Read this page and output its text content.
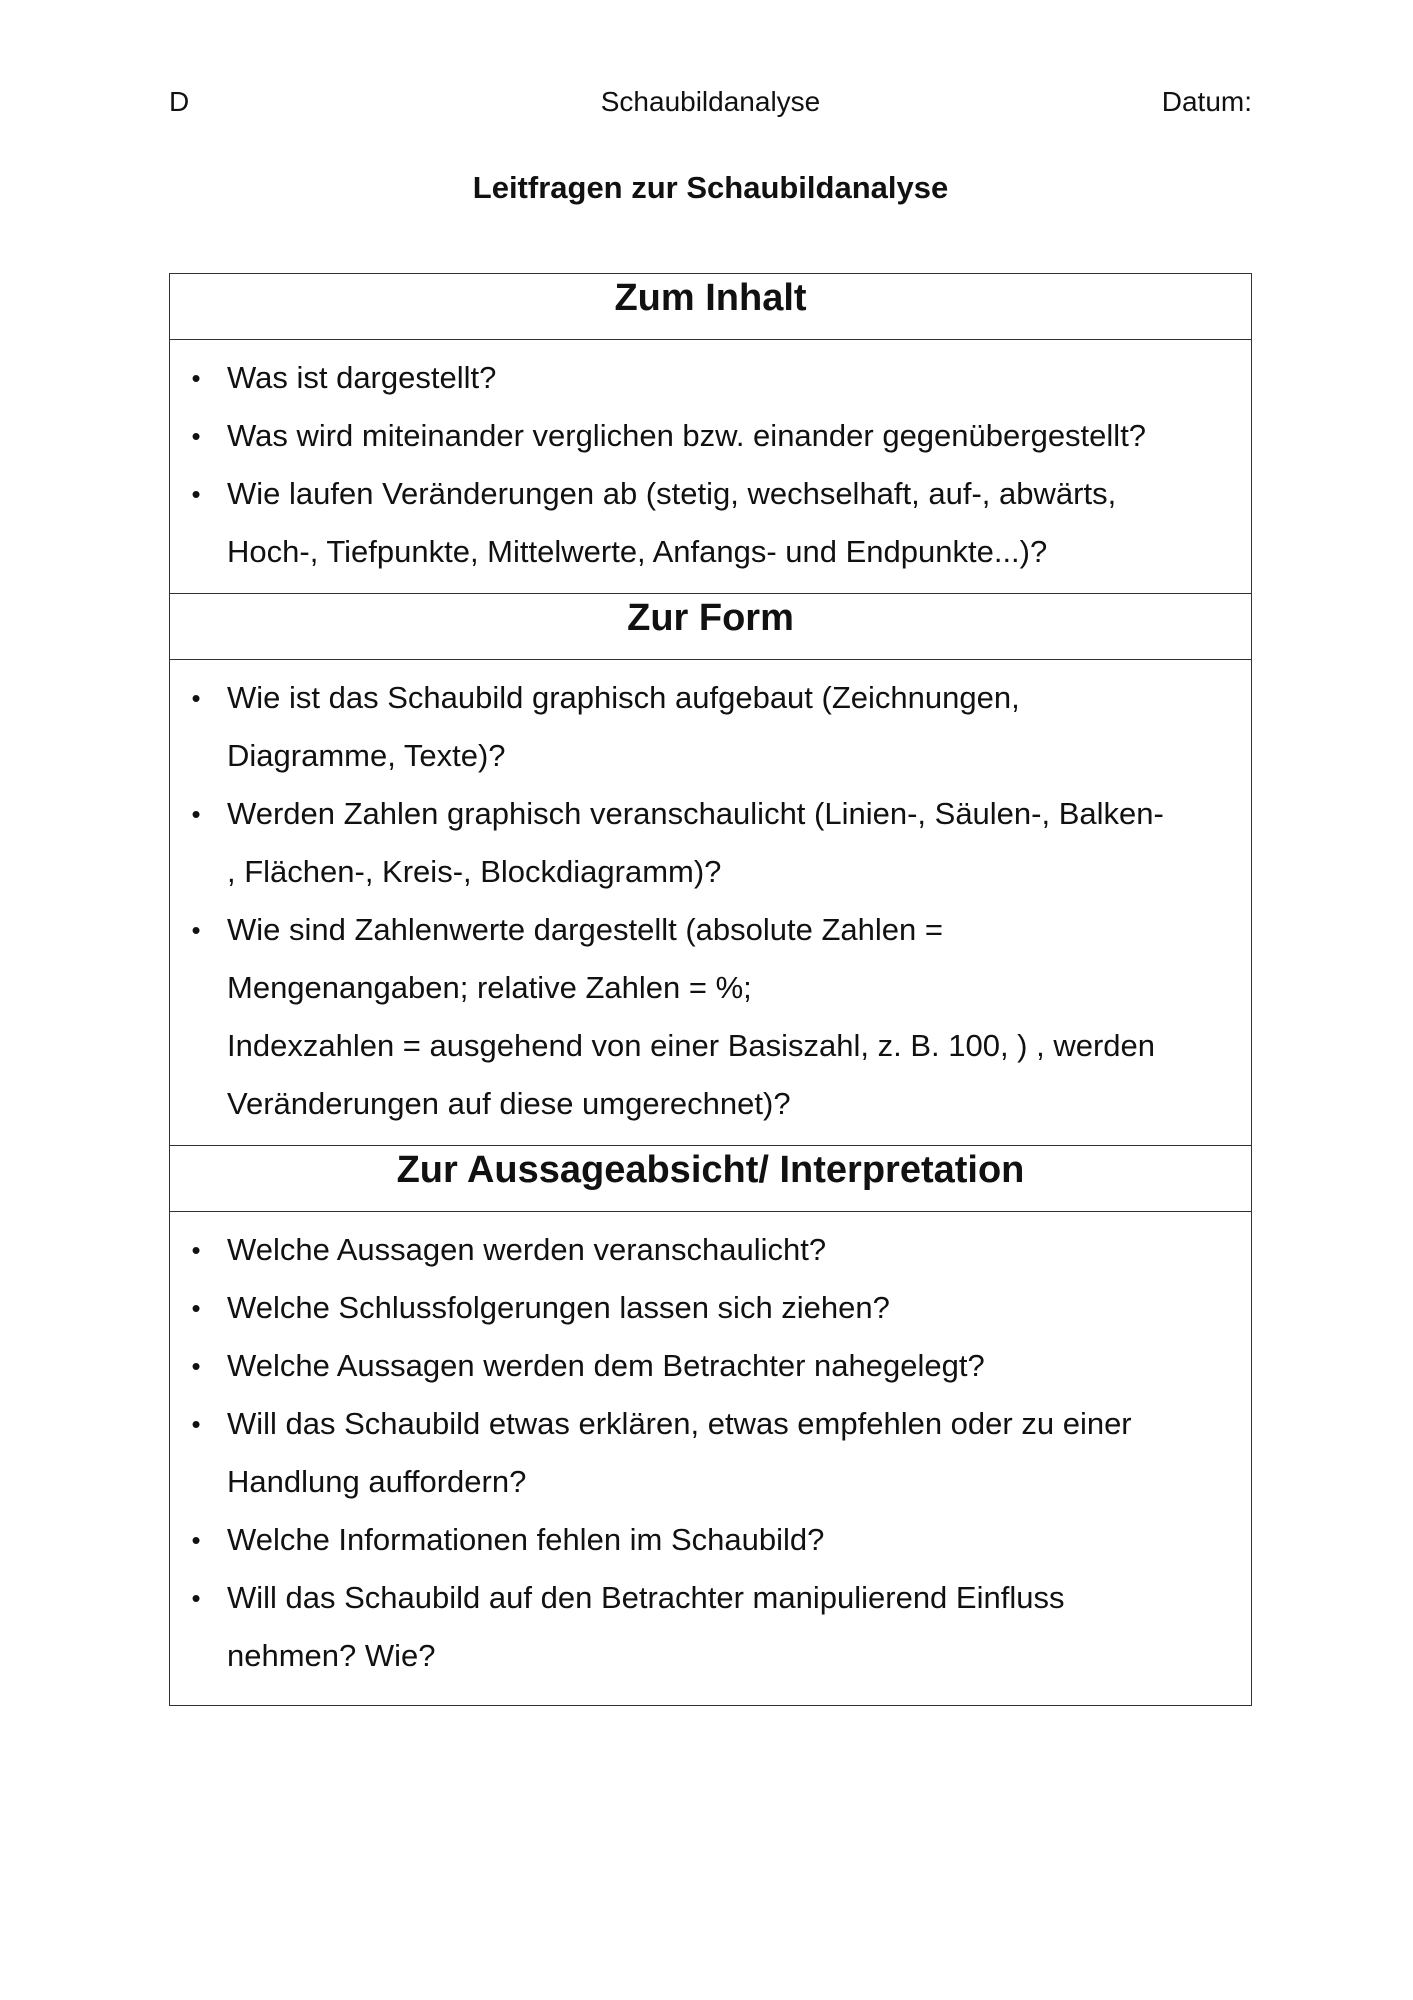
D	Schaubildanalyse	Datum:
Leitfragen zur Schaubildanalyse
Zum Inhalt
• Was ist dargestellt?
• Was wird miteinander verglichen bzw. einander gegenübergestellt?
• Wie laufen Veränderungen ab (stetig, wechselhaft, auf-, abwärts,
Hoch-, Tiefpunkte, Mittelwerte, Anfangs- und Endpunkte...)?
Zur Form
• Wie ist das Schaubild graphisch aufgebaut (Zeichnungen,
Diagramme, Texte)?
• Werden Zahlen graphisch veranschaulicht (Linien-, Säulen-, Balken-
, Flächen-, Kreis-, Blockdiagramm)?
• Wie sind Zahlenwerte dargestellt (absolute Zahlen =
Mengenangaben; relative Zahlen = %;
Indexzahlen = ausgehend von einer Basiszahl, z. B. 100, ) , werden
Veränderungen auf diese umgerechnet)?
Zur Aussageabsicht/ Interpretation
• Welche Aussagen werden veranschaulicht?
• Welche Schlussfolgerungen lassen sich ziehen?
• Welche Aussagen werden dem Betrachter nahegelegt?
• Will das Schaubild etwas erklären, etwas empfehlen oder zu einer
Handlung auffordern?
• Welche Informationen fehlen im Schaubild?
• Will das Schaubild auf den Betrachter manipulierend Einfluss
nehmen? Wie?
